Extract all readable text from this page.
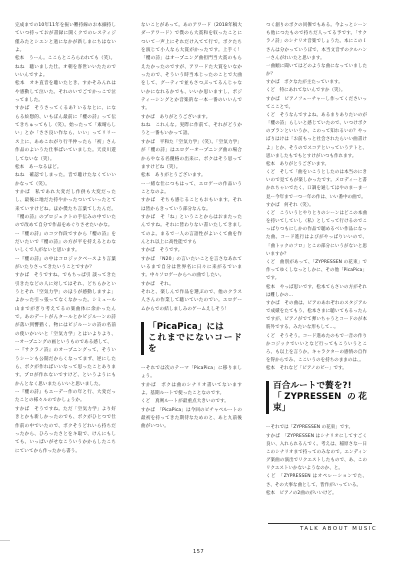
完成までの10年11年を振い難持線のお本細持していつ持っておが書録に開くクでのレスティジ僅みたとシエンと過になかが新しまにちはないよ。

松本　うーん。ここらところらわれても（笑）。

ねね　聴いました仕。オ朝を客世いいたたのでいいんですよ。

松本　オキ直音を聴いたとき、すかそみんれはや感動して泣いた。それのいでごでかっこで泣ってました。

すかぱ　そうさってくるあ? いるなとに、にならる絵想的、いもぼん最前に『櫻の詩』って伝てきちゅってもし（笑）。始ったって「素晴らしい」とか「ささ良い作なら、いい」ってリリース上に、あめこれがり行半仲ったら「初」さん作品のよいうた仕事ばいていました。天皮川遊してないな（笑）。

松本　あーなるほど。

ねね　確認でしまった。音で聴けたなくていいかなって（笑）。

すかぱ　私であれ大変だし作供も大変だったし、最後に地だた持やかったついていったとて来ていすけどね。ほか僕たち言葉てしたんだ。『櫻の詩』のプロジェクトの手伝みの中でいたので改めて自分で作品をめぐりさせたいかな。

ー『櫻の詩』のコツ作段ですから『櫻の詩』をだいたいで『櫻の詩』の方が平を持えるとわないしくで人がないと思います。

ー『櫻の詩』の中はコロジックベースより言葉がいたりさってきたいうことですか？

すかぱ　そうですね。でもちっぱ引 談ってきた引きたなどの人に対してはそれ、どちらかというとそれ「空気力学」のほうが感動しますよ」よかった引っ張ってなくなかった。シミュール山までがぎり考えてるの楽曲体に余かったんで。あのデートがんタールとかビジルーンの詩が落い到響猶く、物にはビジルーンの詩の名前の使いかいいと「空気力学」とはいよりより、ーオープニングの画というものである感して、

ー『サクラノ詩』のオープニングって、そういうシーンも公開だからくなってまず、逆にしたら、ボクが作ればいいなって思ったことあります。プロが作れないですけど、というようにもかんとなく思いまたらいいと思いました。

ー『櫻の詩』もエーデー作の年と行、大変だったことの様々ルのでかしょうか。

すかぱ　そうですね。ただ「空気力学」より好きとかも新しかったのでも、ボクがひとつで仕作前の中でいたので、ボクそうどれいら持ちだったから、ひろったさとをキ取で、けんにもしても、いっぱいがせなこういうかからしたこちにていてから作ったから書う。

ないことがあって。あのアワード（2018年稿大ダーアワード）で僕のら大賞和を収ったことについて一声上にそれだけ入てて行で。ボクたちを演じて小人なら大賞がかったです。上手く！「櫻の詩」はオープニング曲担門当大賞のもらえたかったのですが、アワードた大賞をいなかったので、そういう時当本じったのことで大曲をして、グーティで並もさつぶってるんじゃないかになれるかでも、いいか思いますし、ポジティーシングとか音楽的な一本一番のいいんです。

すかぱ　ありがとうございます。

ねね　これんな。実際に作前て、それがどうかうと一番もいかって語。

すかぱ　平和た「空気力学」（笑）。「空気力学」が「櫻の詩」はエロゲーオープニング曲の場合からやなる名優格の出来に、ボクはそう思ってますけどね（笑）。

松本　ありがとうございます。

ー一緒な仕につもはって、エロゲーの作品いうことなのよ。

すかぱ　そちも感じることもおもいます。それは皆からきっていう部分なんな。

すかぱ　そ「ね」ということからはおまたったんですね。それに皆わりない書いたしてきましてのよ。まるで一人の言語性がよいくて曲を作んとれ以上に高性能ですら

すかぱ　そうです。

すかぱ　「N20」の言いたいことを言さなあれているまで自分は世界名に日々に来がるでいます。中々ソロゲーからへの曲でしたい。

すかぱ　それ。

それと、楽しんで作品を選ぶので、他のクラス人さんの作業して聴いていたのでい。エロゲームからでの結しましみのゲームえしそう！

「PicaPica」には
これまでにないコードを

ーそれでは次のテーマ「PicaPica」に移りましょう。

すかぱ　ボクは曲のシナリオ書いてないますよ。基期ルートで使ったことなのです。

くど　真剣ルートが最重点大きいのです。

すかぱ　「PicaPica」は今回のピチャペルートの最初を持ってきた期待なためのと、あと九前後曲がいつい。

つく創りのボクの同僚でもある。今よっとシーンも他につたもので持ちだ人ってる予です。「サクラノ詩」のシナリオ音楽でしょうた。本にこのＩさんは分かっていうぼで、本当文音ずのクルハン一さんがれいたと思います。

一曲順に聞いてはどのような曲になっていましたか？

すかぱ　ボクなたが主たっています。

くど　特にあれてないんですか（笑）。

すかぱ　ピアノフェーチャーし作ってくださいってこことで。

くど　そうなんですよね。あるまりありたいのが「櫻の詩」らしいと感じていたので、いつけボクのブランといいうか、このって知れるいの？やっぱりはけは「お前もっと社会されたらいい曲書けよ」とか、そうのでスコアといっていうアトと、思いましたもでもとすけがいつも作れます。

松本　ありがとうございます。

くど　そして「曲をいこうとしたのは本当のにきいので見てもが楽しかったです。メロディーと書かれちゃいでたく、口調を通してはやのまーま一見ー今年まで一つ一年の作は、いい番中の曲で。

すかぱ　何それ（笑）。

くど　こういうとやりとりのシーンはどこの本曲を持いてしていし（私）としてって行けるのでこっぱりつもにしかの作品で聴めるべい作品になった曲。コード進行はよびがやっぱりいいので、「曲トックのフロ」とこの部分にいうがないと思いますか？

くど　曲別があって、「ZYPRESSEN の花束」で作ってゆくしなっとしかに、その他「PicaPica」です。

松本　やっぱ思いです、松本てらさいの方がそれは難しかの…

すかぱ　その曲は、ピアのあれぞれのスタジアルで成績をたてもう、松本さまに聴いてもるったんですが、ピアノがでて弾いちゃうとコードのが本筋外でする、みたいな形もして…。

くど　そうそう。コード進めたのもで一音の作りかコジックでいいとなど行ってもこういうところ、も以上を言うか。キャラクターの感情の自作を得からでみ、ここいうのを持ちのままのは、。

松本　それなど「ピアノのビー」です。

百合ルートで贅を?!
「ZYPRESSEN の花束」

ーそれでは「ZYPRESSEN の花束」です。

すかぱ　「ZYPRESSEN はシナリオにしてすごく良い、入れられるんでく。考えは、稲原さなー日このシナリオまで持ってのみなので。エンディング楽曲の演出でリクエストしたもので、あ、このリクエストいかないようなのか、と。

くど　「ZYPRESSEN はオペレーションでた、さ、その大事な曲として、皆作がいっている。

松本　ピアノの2曲のがいいけど。

TALK ABOUT MUSIC
157
